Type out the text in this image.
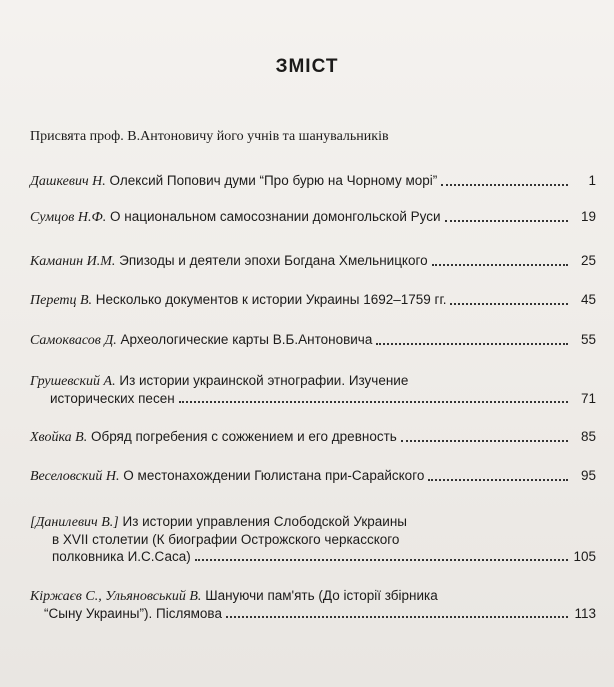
ЗМІСТ
Присвята проф. В.Антоновичу його учнів та шанувальників
Дашкевич Н.
Олексий Попович думи “Про бурю на Чорному морі”	1
Сумцов Н.Ф.
О национальном самосознании домонгольской Руси	19
Каманин И.М.
Эпизоды и деятели эпохи Богдана Хмельницкого	25
Перетц В.
Несколько документов к истории Украины 1692–1759 гг.	45
Самоквасов Д.
Археологические карты В.Б.Антоновича	55
Грушевский А.
Из истории украинской этнографии. Изучение
исторических песен	71
Хвойка В.
Обряд погребения с сожжением и его древность	85
Веселовский Н.
О местонахождении Гюлистана при-Сарайского	95
[Данилевич В.]
Из истории управления Слободской Украины
в XVII столетии (К биографии Острожского черкасского
полковника И.С.Саса)	105
Кіржаєв С., Ульяновський В.
Шануючи пам'ять (До історії збірника
“Сыну Украины”). Післямова	113
